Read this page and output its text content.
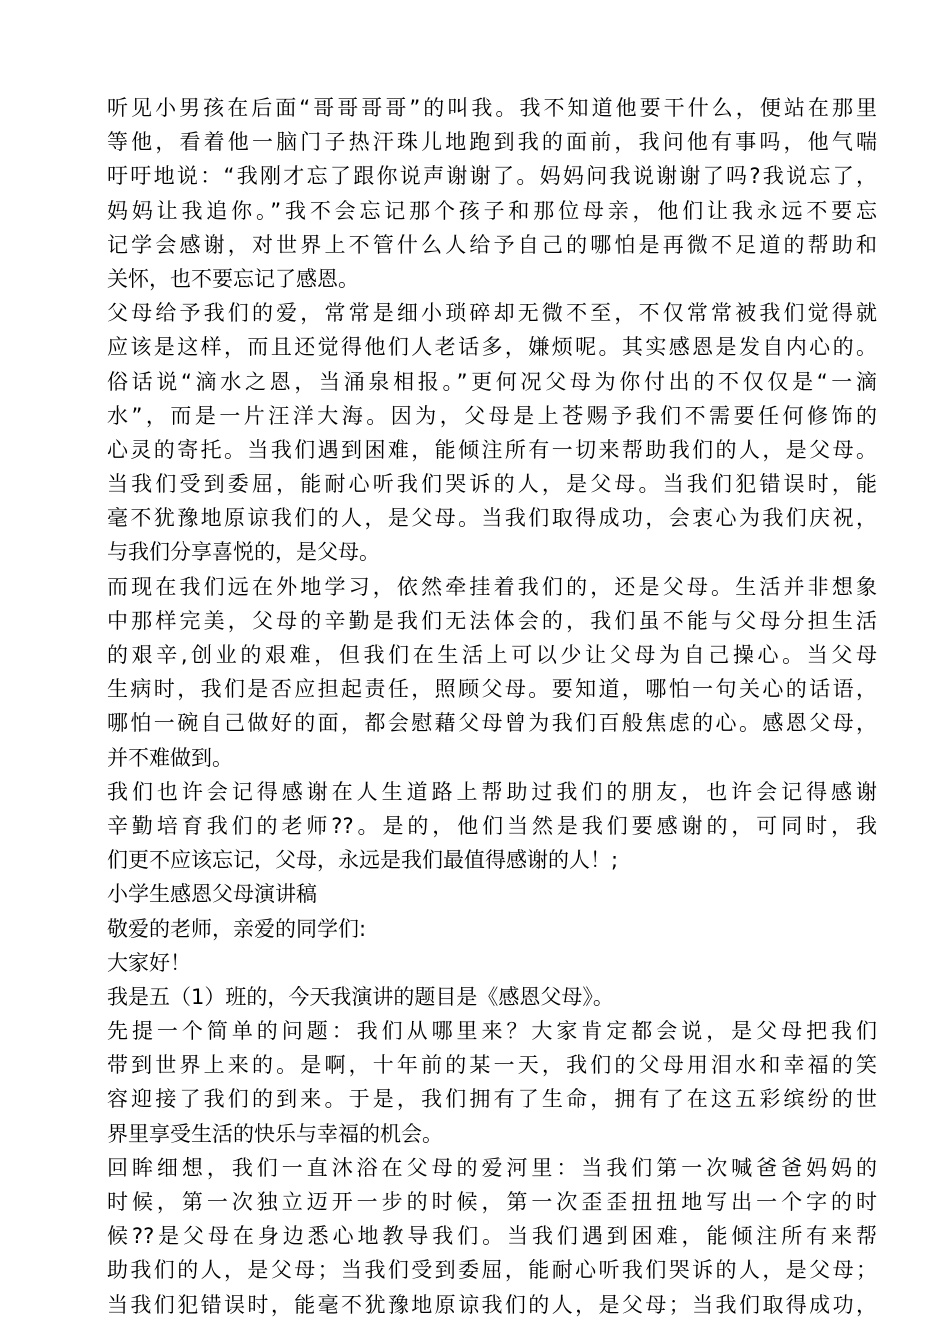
听见小男孩在后面“哥哥哥哥”的叫我。我不知道他要干什么，便站在那里
等他，看着他一脑门子热汗珠儿地跑到我的面前，我问他有事吗，他气喘
吁吁地说：“我刚才忘了跟你说声谢谢了。妈妈问我说谢谢了吗?我说忘了，
妈妈让我追你。”我不会忘记那个孩子和那位母亲，他们让我永远不要忘
记学会感谢，对世界上不管什么人给予自己的哪怕是再微不足道的帮助和
关怀，也不要忘记了感恩。
父母给予我们的爱，常常是细小琐碎却无微不至，不仅常常被我们觉得就
应该是这样，而且还觉得他们人老话多，嫌烦呢。其实感恩是发自内心的。
俗话说“滴水之恩，当涌泉相报。”更何况父母为你付出的不仅仅是“一滴
水”，而是一片汪洋大海。因为，父母是上苍赐予我们不需要任何修饰的
心灵的寄托。当我们遇到困难，能倾注所有一切来帮助我们的人，是父母。
当我们受到委屈，能耐心听我们哭诉的人，是父母。当我们犯错误时，能
毫不犹豫地原谅我们的人，是父母。当我们取得成功，会衷心为我们庆祝，
与我们分享喜悦的，是父母。
而现在我们远在外地学习，依然牵挂着我们的，还是父母。生活并非想象
中那样完美，父母的辛勤是我们无法体会的，我们虽不能与父母分担生活
的艰辛,创业的艰难，但我们在生活上可以少让父母为自己操心。当父母
生病时，我们是否应担起责任，照顾父母。要知道，哪怕一句关心的话语，
哪怕一碗自己做好的面，都会慰藉父母曾为我们百般焦虑的心。感恩父母，
并不难做到。
我们也许会记得感谢在人生道路上帮助过我们的朋友，也许会记得感谢
辛勤培育我们的老师??。是的，他们当然是我们要感谢的，可同时，我
们更不应该忘记，父母，永远是我们最值得感谢的人！;
小学生感恩父母演讲稿
敬爱的老师，亲爱的同学们:
大家好！
我是五（1）班的，今天我演讲的题目是《感恩父母》。
先提一个简单的问题：我们从哪里来？大家肯定都会说，是父母把我们
带到世界上来的。是啊，十年前的某一天，我们的父母用泪水和幸福的笑
容迎接了我们的到来。于是，我们拥有了生命，拥有了在这五彩缤纷的世
界里享受生活的快乐与幸福的机会。
回眸细想，我们一直沐浴在父母的爱河里：当我们第一次喊爸爸妈妈的
时候，第一次独立迈开一步的时候，第一次歪歪扭扭地写出一个字的时
候??是父母在身边悉心地教导我们。当我们遇到困难，能倾注所有来帮
助我们的人，是父母；当我们受到委屈，能耐心听我们哭诉的人，是父母；
当我们犯错误时，能毫不犹豫地原谅我们的人，是父母；当我们取得成功，
